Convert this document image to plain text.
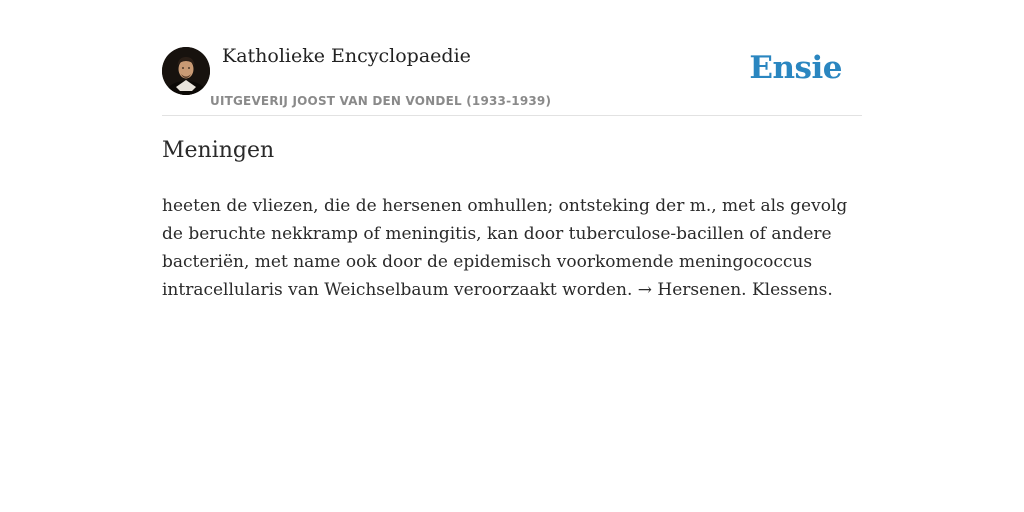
Katholieke Encyclopaedie
UITGEVERIJ JOOST VAN DEN VONDEL (1933-1939)
Ensie
Meningen

heeten de vliezen, die de hersenen omhullen; ontsteking der m., met als gevolg de beruchte nekkramp of meningitis, kan door tuberculose-bacillen of andere bacteriën, met name ook door de epidemisch voorkomende meningococcus intracellularis van Weichselbaum veroorzaakt worden. → Hersenen. Klessens.
